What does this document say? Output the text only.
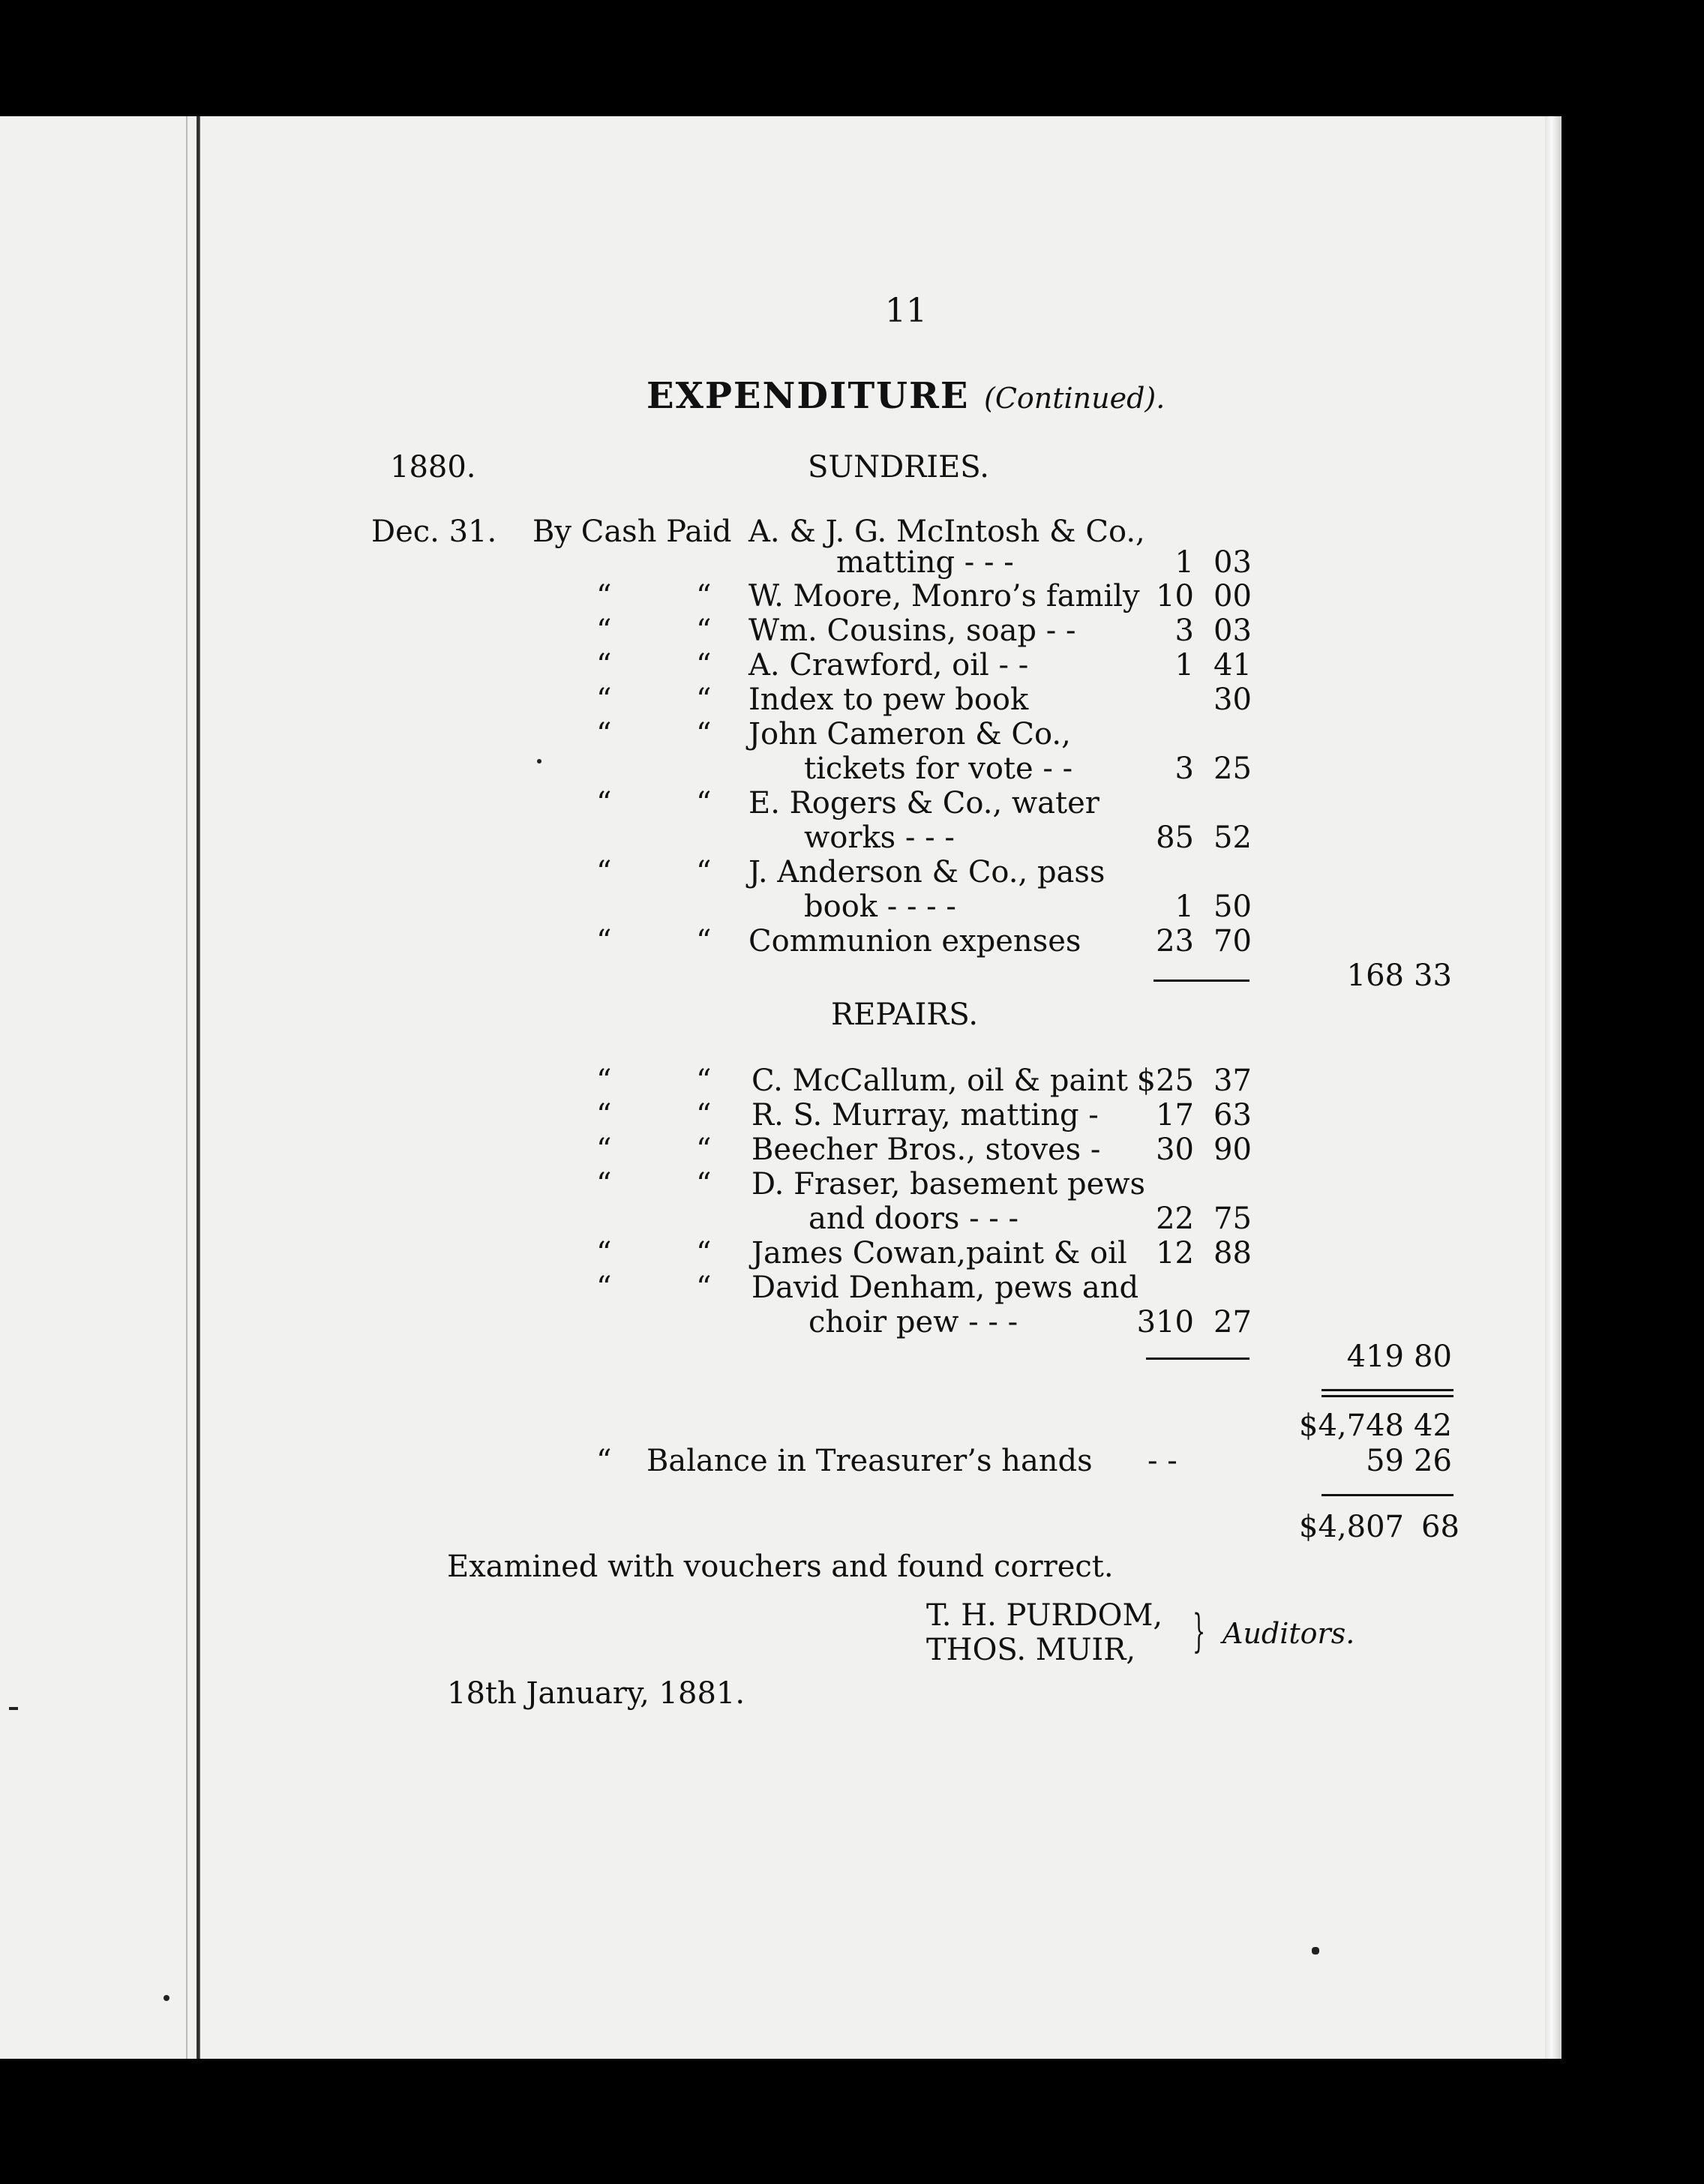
11
EXPENDITURE (Continued).
1880.	SUNDRIES.
Dec. 31. By Cash Paid A. & J. G. McIntosh & Co.,
matting - - -	1 03
“	“ W. Moore, Monro’s family 10 00
“	“ Wm. Cousins, soap - -	3 03
“	“ A. Crawford, oil - -	1 41
“	“ Index to pew book	30
“	“ John Cameron & Co.,
tickets for vote - -	3 25
“	“ E. Rogers & Co., water
works - - -	85 52
“	“ J. Anderson & Co., pass
book - - - -	1 50
“	“ Communion expenses	23 70
168 33
REPAIRS.
“	“ C. McCallum, oil & paint $25 37
“	“ R. S. Murray, matting -	17 63
“	“ Beecher Bros., stoves -	30 90
“	“ D. Fraser, basement pews
and doors - - -	22 75
“	“ James Cowan,paint & oil 12 88
“	“ David Denham, pews and
choir pew - - -	310 27
419 80
$4,748 42
“ Balance in Treasurer’s hands - -	59 26
$4,807 68
Examined with vouchers and found correct.
T. H. PURDOM,
THOS. MUIR, } Auditors.
18th January, 1881.
